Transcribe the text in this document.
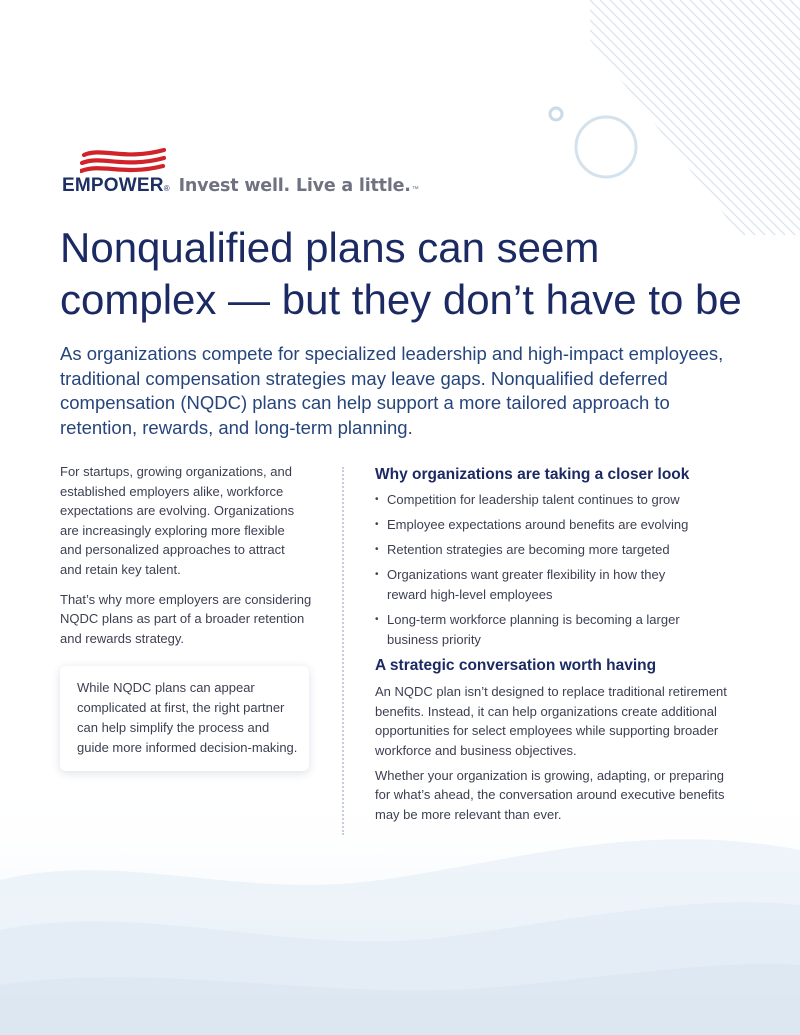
EMPOWER ® Invest well. Live a little. ™
Nonqualified plans can seem
complex — but they don’t have to be

As organizations compete for specialized leadership and high-impact employees,
traditional compensation strategies may leave gaps. Nonqualified deferred
compensation (NQDC) plans can help support a more tailored approach to
retention, rewards, and long-term planning.

For startups, growing organizations, and
established employers alike, workforce
expectations are evolving. Organizations
are increasingly exploring more flexible
and personalized approaches to attract
and retain key talent.

That’s why more employers are considering
NQDC plans as part of a broader retention
and rewards strategy.

While NQDC plans can appear
complicated at first, the right partner
can help simplify the process and
guide more informed decision-making.
Why organizations are taking a closer look
• Competition for leadership talent continues to grow
• Employee expectations around benefits are evolving
• Retention strategies are becoming more targeted
• Organizations want greater flexibility in how they
reward high-level employees
• Long-term workforce planning is becoming a larger
business priority
A strategic conversation worth having

An NQDC plan isn’t designed to replace traditional retirement
benefits. Instead, it can help organizations create additional
opportunities for select employees while supporting broader
workforce and business objectives.

Whether your organization is growing, adapting, or preparing
for what’s ahead, the conversation around executive benefits
may be more relevant than ever.
